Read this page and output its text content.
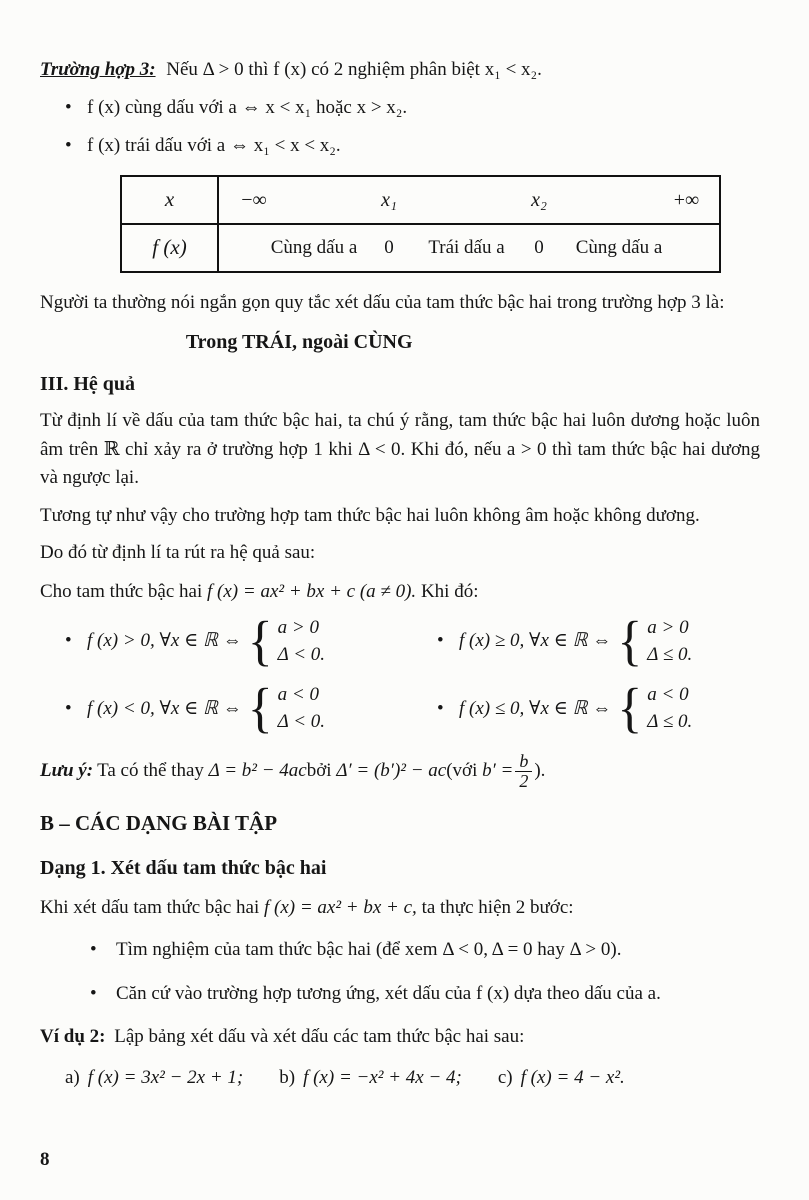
Trường hợp 3: Nếu Δ > 0 thì f (x) có 2 nghiệm phân biệt x₁ < x₂.

• f (x) cùng dấu với a ⇔ x < x₁ hoặc x > x₂.
• f (x) trái dấu với a ⇔ x₁ < x < x₂.
x	−∞	x₁	x₂	+∞
f (x)	Cùng dấu a 0 Trái dấu a 0 Cùng dấu a

Người ta thường nói ngắn gọn quy tắc xét dấu của tam thức bậc hai trong trường hợp 3 là:

Trong TRÁI, ngoài CÙNG
III. Hệ quả

Từ định lí về dấu của tam thức bậc hai, ta chú ý rằng, tam thức bậc hai luôn dương hoặc luôn âm trên ℝ chỉ xảy ra ở trường hợp 1 khi Δ < 0. Khi đó, nếu a > 0 thì tam thức bậc hai dương và ngược lại.

Tương tự như vậy cho trường hợp tam thức bậc hai luôn không âm hoặc không dương.

Do đó từ định lí ta rút ra hệ quả sau:

Cho tam thức bậc hai f (x) = ax² + bx + c (a ≠ 0). Khi đó:

• f (x) > 0, ∀x ∈ ℝ ⇔ { a > 0
Δ < 0.
• f (x) ≥ 0, ∀x ∈ ℝ ⇔ { a > 0
Δ ≤ 0.
• f (x) < 0, ∀x ∈ ℝ ⇔ { a < 0
Δ < 0.
• f (x) ≤ 0, ∀x ∈ ℝ ⇔ { a < 0
Δ ≤ 0.
Lưu ý: Ta có thể thay
Δ = b² − 4ac bởi
Δ′ = (b′)² − ac (với
$b' = \frac{b}{2}$ ).
B – CÁC DẠNG BÀI TẬP
Dạng 1. Xét dấu tam thức bậc hai

Khi xét dấu tam thức bậc hai f (x) = ax² + bx + c, ta thực hiện 2 bước:

•	Tìm nghiệm của tam thức bậc hai (để xem Δ < 0, Δ = 0 hay Δ > 0).
•	Căn cứ vào trường hợp tương ứng, xét dấu của f (x) dựa theo dấu của a.

Ví dụ 2: Lập bảng xét dấu và xét dấu các tam thức bậc hai sau:

a) f (x) = 3x² − 2x + 1; b) f (x) = −x² + 4x − 4; c) f (x) = 4 − x².
8
